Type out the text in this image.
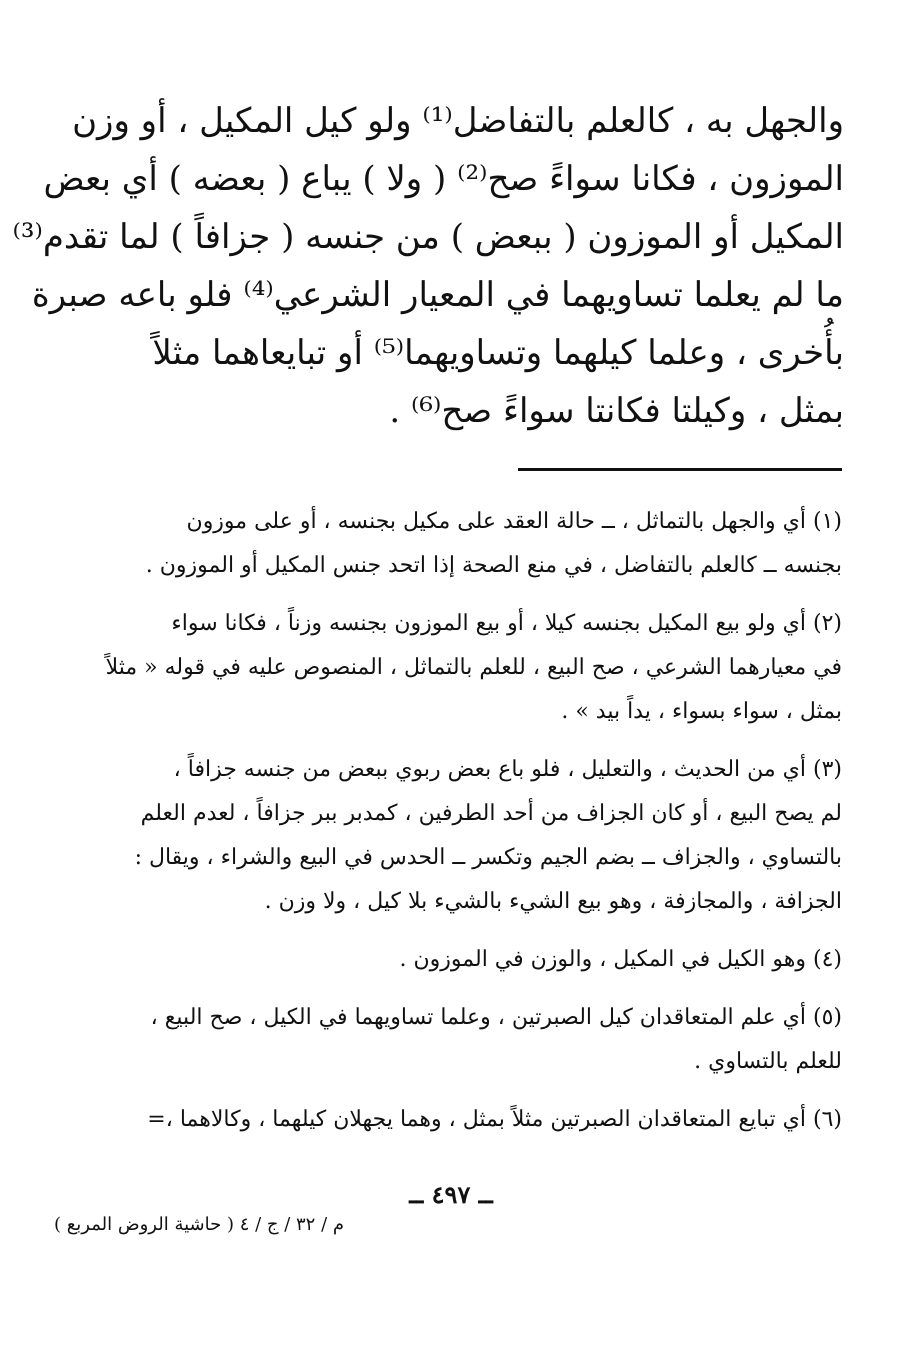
والجهل به ، كالعلم بالتفاضل⁽¹⁾ ولو كيل المكيل ، أو وزن
الموزون ، فكانا سواءً صح⁽²⁾ ( ولا ) يباع ( بعضه ) أي بعض
المكيل أو الموزون ( ببعض ) من جنسه ( جزافاً ) لما تقدم⁽³⁾
ما لم يعلما تساويهما في المعيار الشرعي⁽⁴⁾ فلو باعه صبرة
بأُخرى ، وعلما كيلهما وتساويهما⁽⁵⁾ أو تبايعاهما مثلاً
بمثل ، وكيلتا فكانتا سواءً صح⁽⁶⁾ .
(١) أي والجهل بالتماثل ، ــ حالة العقد على مكيل بجنسه ، أو على موزون
بجنسه ــ كالعلم بالتفاضل ، في منع الصحة إذا اتحد جنس المكيل أو الموزون .
(٢) أي ولو بيع المكيل بجنسه كيلا ، أو بيع الموزون بجنسه وزناً ، فكانا سواء
في معيارهما الشرعي ، صح البيع ، للعلم بالتماثل ، المنصوص عليه في قوله « مثلاً
بمثل ، سواء بسواء ، يداً بيد » .
(٣) أي من الحديث ، والتعليل ، فلو باع بعض ربوي ببعض من جنسه جزافاً ،
لم يصح البيع ، أو كان الجزاف من أحد الطرفين ، كمدبر ببر جزافاً ، لعدم العلم
بالتساوي ، والجزاف ــ بضم الجيم وتكسر ــ الحدس في البيع والشراء ، ويقال :
الجزافة ، والمجازفة ، وهو بيع الشيء بالشيء بلا كيل ، ولا وزن .
(٤) وهو الكيل في المكيل ، والوزن في الموزون .
(٥) أي علم المتعاقدان كيل الصبرتين ، وعلما تساويهما في الكيل ، صح البيع ،
للعلم بالتساوي .
(٦) أي تبايع المتعاقدان الصبرتين مثلاً بمثل ، وهما يجهلان كيلهما ، وكالاهما ،=
ــ ٤٩٧ ــ
م / ٣٢ / ج / ٤ ( حاشية الروض المربع )
